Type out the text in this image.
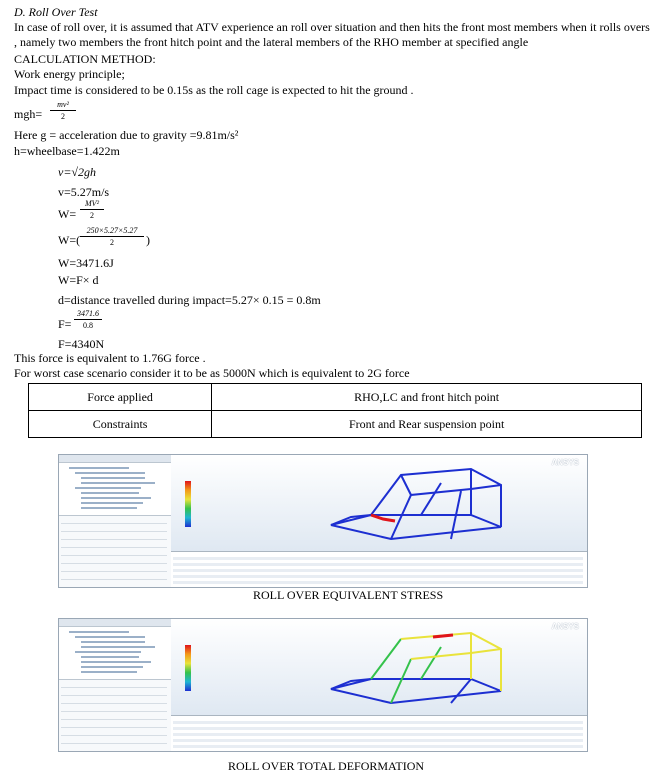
D. Roll Over Test
In case of roll over, it is assumed that ATV experience an roll over situation and then hits the front most members when it rolls overs , namely two members the front hitch point and the lateral members of the RHO member at specified angle
CALCULATION METHOD:
Work energy principle;
Impact time is considered to be 0.15s as the roll cage is expected to hit the ground .
mgh=
mv²
2
Here g = acceleration due to gravity =9.81m/s²
h=wheelbase=1.422m
v=√2gh
v=5.27m/s
W=
MV²
2
W=(
250×5.27×5.27
2	)
W=3471.6J
W=F× d
d=distance travelled during impact=5.27× 0.15 = 0.8m
F=
3471.6
0.8
F=4340N
This force is equivalent to 1.76G force .
For worst case scenario consider it to be as 5000N which is equivalent to 2G force
Force applied	RHO,LC and front hitch point
Constraints	Front and Rear suspension point
ANSYS
ROLL OVER EQUIVALENT STRESS
ANSYS
ROLL OVER TOTAL DEFORMATION
